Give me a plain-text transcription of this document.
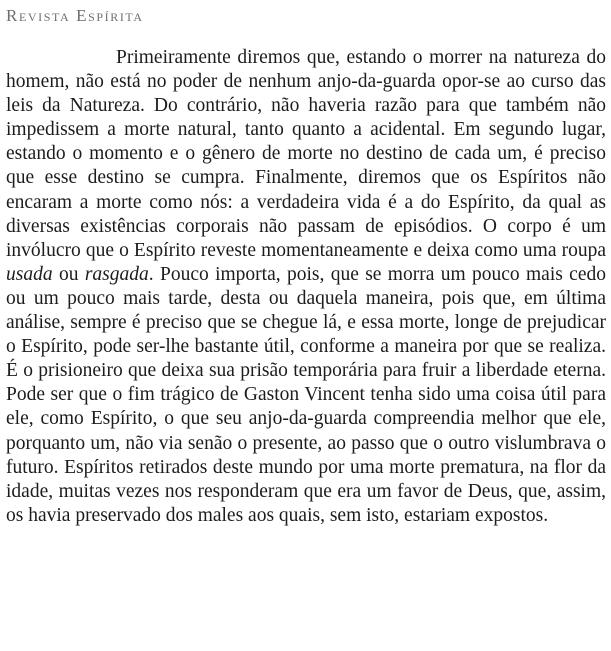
Revista Espírita

Primeiramente diremos que, estando o morrer na natureza do homem, não está no poder de nenhum anjo-da-guarda opor-se ao curso das leis da Natureza. Do contrário, não haveria razão para que também não impedissem a morte natural, tanto quanto a acidental. Em segundo lugar, estando o momento e o gênero de morte no destino de cada um, é preciso que esse destino se cumpra. Finalmente, diremos que os Espíritos não encaram a morte como nós: a verdadeira vida é a do Espírito, da qual as diversas existências corporais não passam de episódios. O corpo é um invólucro que o Espírito reveste momentaneamente e deixa como uma roupa usada ou rasgada. Pouco importa, pois, que se morra um pouco mais cedo ou um pouco mais tarde, desta ou daquela maneira, pois que, em última análise, sempre é preciso que se chegue lá, e essa morte, longe de prejudicar o Espírito, pode ser-lhe bastante útil, conforme a maneira por que se realiza. É o prisioneiro que deixa sua prisão temporária para fruir a liberdade eterna. Pode ser que o fim trágico de Gaston Vincent tenha sido uma coisa útil para ele, como Espírito, o que seu anjo-da-guarda compreendia melhor que ele, porquanto um, não via senão o presente, ao passo que o outro vislumbrava o futuro. Espíritos retirados deste mundo por uma morte prematura, na flor da idade, muitas vezes nos responderam que era um favor de Deus, que, assim, os havia preservado dos males aos quais, sem isto, estariam expostos.
